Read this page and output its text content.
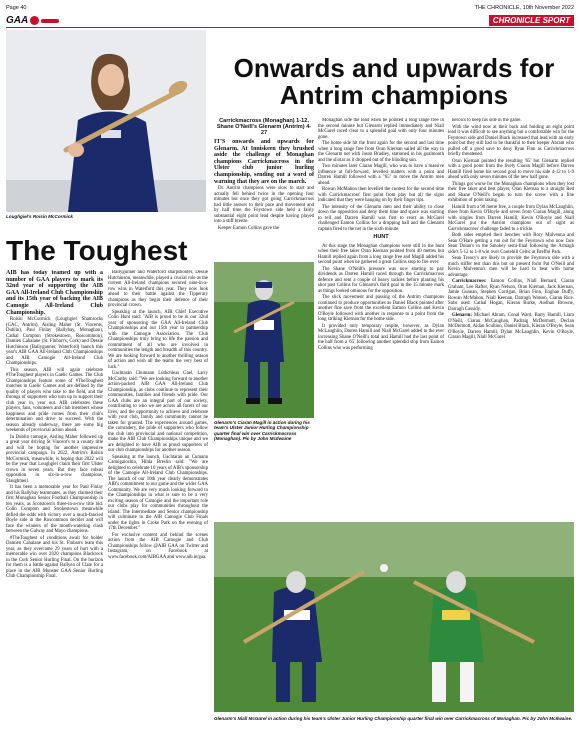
Page 40	THE CHRONICLE, 10th November 2022
GAA	CHRONICLE SPORT
Loughgiel's Roisin McCormick
The Toughest

AIB has today teamed up with a number of GAA players to mark its 32nd year of supporting the AIB GAA All-Ireland Club Championship and its 15th year of backing the AIB Camogie All-Ireland Club Championship.

Roisin McCormick (Loughgiel Shamrocks (GAC, Antrim), Aisling Maher (St. Vincents, Dublin), Paul Finlay (Ballybay, Monaghan), Cathal Compton (Strokestown, Roscommon), Damien Cahalane (St. Finbarr's, Cork) and Dessie Hutchinson (Ballygunner, Waterford) launch this year's AIB GAA All-Ireland Club Championships and AIB Camogie All-Ireland Club Championships.

This season, AIB will again celebrate #TheToughest players in Gaelic Games. The Club Championships feature some of #TheToughest matches in Gaelic Games and are defined by the quality of players who take to the field, and the throngs of supporters who turn up to support their club year in, year out. AIB celebrates these players, fans, volunteers and club members whose happiness and pride comes from their club's determination and drive to succeed. With the season already underway, there are some big weekends of provincial action ahead.

In Dublin camogie, Aisling Maher followed up a great year driving St Vincent's to a county title and will be hoping for another impressive provincial campaign. In 2022, Antrim's Roisin McCormick, meanwhile, is hoping that 2022 will be the year that Loughgiel claim their first Ulster crown in seven years. But they face robust opposition in six-in-a-row champions, Slaughtneil.

It has been a memorable year for Paul Finlay and his Ballybay teammates, as they claimed their first Monaghan Senior Football Championship in ten years, as Scotstown's three-in-a-row title bid. Colin Compton and Strokestown meanwhile defied the odds with victory over a much-fancied Boyle side in the Roscommon decider and will face the winners of the mouth-watering clash between the Galway and Mayo champions.

#TheToughest of conditions await for holder Damien Cahalane and his St. Finbarrs team this year, as they overcame 29 years of hurt with a memorable win over 2020 champions Blackrock in the Cork Senior Hurling Final. On the horizon for them is a battle against Ballyea of Clare for a place in the AIB Munster GAA Senior Hurling Club Championship Final.

Ballygunner and Waterford sharpshooter, Dessie Hutchinson, meanwhile, played a crucial role as the current All-Ireland champions secured nine-in-a-row wins in Waterford this year. They now look ahead to their battle against the Tipperary champions as they begin their defence of their provincial crown.

Speaking at the launch, AIB Chief Executive Colin Hunt said: "AIB is proud to be in our 32nd year of sponsoring the GAA All-Ireland Club Championships and our 15th year in partnership with the Camogie Association. The Club Championships truly bring to life the passion and commitment of all who are involved in communities the length and breadth of this country. We are looking forward to another thrilling season of action and wish all the teams the very best of luck."

Uachtarán Chumann Lúthchleas Gael, Larry McCarthy said: "We are looking forward to another action-packed AIB GAA All-Ireland Club Championship, as clubs continue to represent their communities, families and friends with pride. Our GAA clubs are an integral part of our society, contributing to who we are across all facets of our lives, and the opportunity to achieve and celebrate with your club, family and community cannot be taken for granted. The experiences around games, the comradery, the pride of supporters who follow the club into provincial and national competition, make the AIB Club Championships unique and we are delighted to have AIB as proud supporters of our club championships for another season.

Speaking at the launch, Uachtarán an Cumann Camógaíochta, Hilda Breslin said: "We are delighted to celebrate 10 years of AIB's sponsorship of the Camogie All-Ireland Club Championships. The launch of our 10th year clearly demonstrates AIB's commitment to our game and the wider GAA Community. We are very much looking forward to the Championships in what is sure to be a very exciting season of Camogie and the important role our clubs play for communities throughout the island. The Intermediate and Senior championship will culminate in the AIB Camogie Club Finals under the lights in Croke Park on the evening of 17th December."

For exclusive content and behind the scenes action from the AIB Camogie and Club Championships follow @AIB GAA on Twitter and Instagram, on Facebook at www.facebook.com/AIBGAA and www.aib.ie/gaa.

Onwards and upwards for Antrim champions
Carrickmacross (Monaghan) 1-12, Shane O'Neill's Glenarm (Antrim) 4-27

IT'S onwards and upwards for Glenarm. At Inniskeen they brushed aside the challenge of Monaghan champions Carrickmacross in the Ulster club junior hurling championship, sending out a word of warning that they are on the march.

Dr. Antrim champions were slow to start and actually fell behind twice in the opening four minutes but once they got going Carrickmacross had little answer to their pace and movement and by half time the Feystown side held a fairly substantial eight point lead despite having played into a stiff breeze.

Keeper Eamon Collins gave the

Glenarm's Ciaran Magill in action during his team's Ulster Junior Hurling Championship quarter final win over Carrickmacross (Monaghan). Pic by John McIlwaine

Monaghan side the lead when he pointed a long range free in the second minute but Glenarm replied immediately and Niall McGarel raced clear to a splendid goal with only four minutes gone.

The home side hit the front again for the second and last time when a long range free from Oran Kiernan sailed all the way to the Glenarm net with Jason Bradley, stationed in his goalmouth and the sliotar as it dropped out of the blinding sun.

Two minutes later Ciaran Magill, who was to have a massive influence at full-forward, levelled matters with a point and Darren Hamill followed with a "65" to move the Antrim men ahead.

Rowan McMahon then levelled the contest for the second time with Carrickmacross' first point from play but all the signs indicated that they were hanging on by their finger tips.

The intensity of the Glenarm men and their ability to close down the opposition and deny them time and space was starting to tell and Darren Hamill was first to react as McGarel challenged Eamon Collins for a dropping ball and the Glenarm captain fired to the net in the sixth minute.

HUNT

At this stage the Monaghan champions were still in the hunt when their free taker Oran Kiernan pointed from 40 metres but Hamill replied again from a long range free and Magill added his second point when he gathered a great Collins stop to fire over.

The Shane O'Neill's pressure was now starting to pay dividends as Darren Hamill raced through the Carrickmacross defence and sent a couple of heavy tackles before planting his shot past Collins for Glenarm's third goal in the 15 minute mark as things looked ominous for the opposition.

The slick movement and passing of the Antrim champions continued to produce opportunities as Daniel Black pointed after another fine save from the excellent Eamon Collins and Kevin O'Boyle followed with another in response to a point from the long striking Kiernan for the home side.

It provided only temporary respite, however, as Dylan McLaughlin, Darren Hamill and Niall McGarel added to the ever increasing Shane O'Neill's total and Hamill had the last point of the half from a '65' following another splendid stop from Eamon Collins who was performing

heroics to keep his side in the game.

With the wind now at their back and holding an eight point lead it was difficult to see anything but a comfortable win for the Feystown side and Daniel Black increased that lead with an early point but they still had to be thankful to their keeper Abram who pulled off a good save to deny Ryan Finn as Carrickmacross briefly threatened.

Oran Kiernan pointed the resulting '65' but Glenarm replied with a good point from the lively Ciaran Magill before Darren Hamill fired home his second goal to move his side 4-12 to 1-9 ahead with only seven minutes of the new half gone.

Things got worse for the Monaghan champions when they lost their free taker and best player, Oran Kiernan to a straight Red and Shane O'Neill's began to turn the screw with a fine exhibition of point taking.

Hamill from a 90 metre free, a couple from Dylan McLaughlin, three from Kevin O'Boyle and seven from Ciaran Magill, along with singles from Darren Hamill, Kevin O'Boyle and Niall McGarel put the Antrim champions out of sight as Carrickmacross' challenge faded to a trickle.

Both sides emptied their benches with Rory Mulvenna and Sean O'Hare getting a run out for the Feystown who now face Sean Dolan's in the Smokey semi-final following the Armagh side's 5-12 to 1-8 win over Cootehill Celtic at Breffni Park.

Sean Treacy's are likely to provide the Feystown side with a much stiffer test than this but on present form Pat O'Neill and Kevin Mulvenna's men will be hard to beat with home advantage.

Carrickmacross: Eamon Collins, Niall Bernard, Ciaran Graham, Lee Rafter, Ryan Nelson, Oran Kiernan, Jack Kiernan, Jamie Gunnan, Stephen Corrigan, Brian Finn, Eoghan Duffy, Rowan McMahon, Niall Keenan, Darragh Watson, Ciaran Rice. Subs used: Cathal Hogan, Kieran Burke, Aodhan Browne, Darragh Cassidy.

Glenarm: Michael Abram, Conal Ward, Barry Hamill, Liam O'Neill, Ciaran McCaughan, Padraig McDermott, Declan McDermott, Aidan Scullion, Daniel Black, Kieran O'Boyle, Sean O'Boyle, Darren Hamill, Dylan McLaughlin, Kevin O'Boyle, Ciaran Magill, Niall McGarel

Glenarm's Niall McGarel in action during his team's Ulster Junior Hurling Championship quarter final win over Carrickmacross of Monaghan. Pic by John McIlwaine.
